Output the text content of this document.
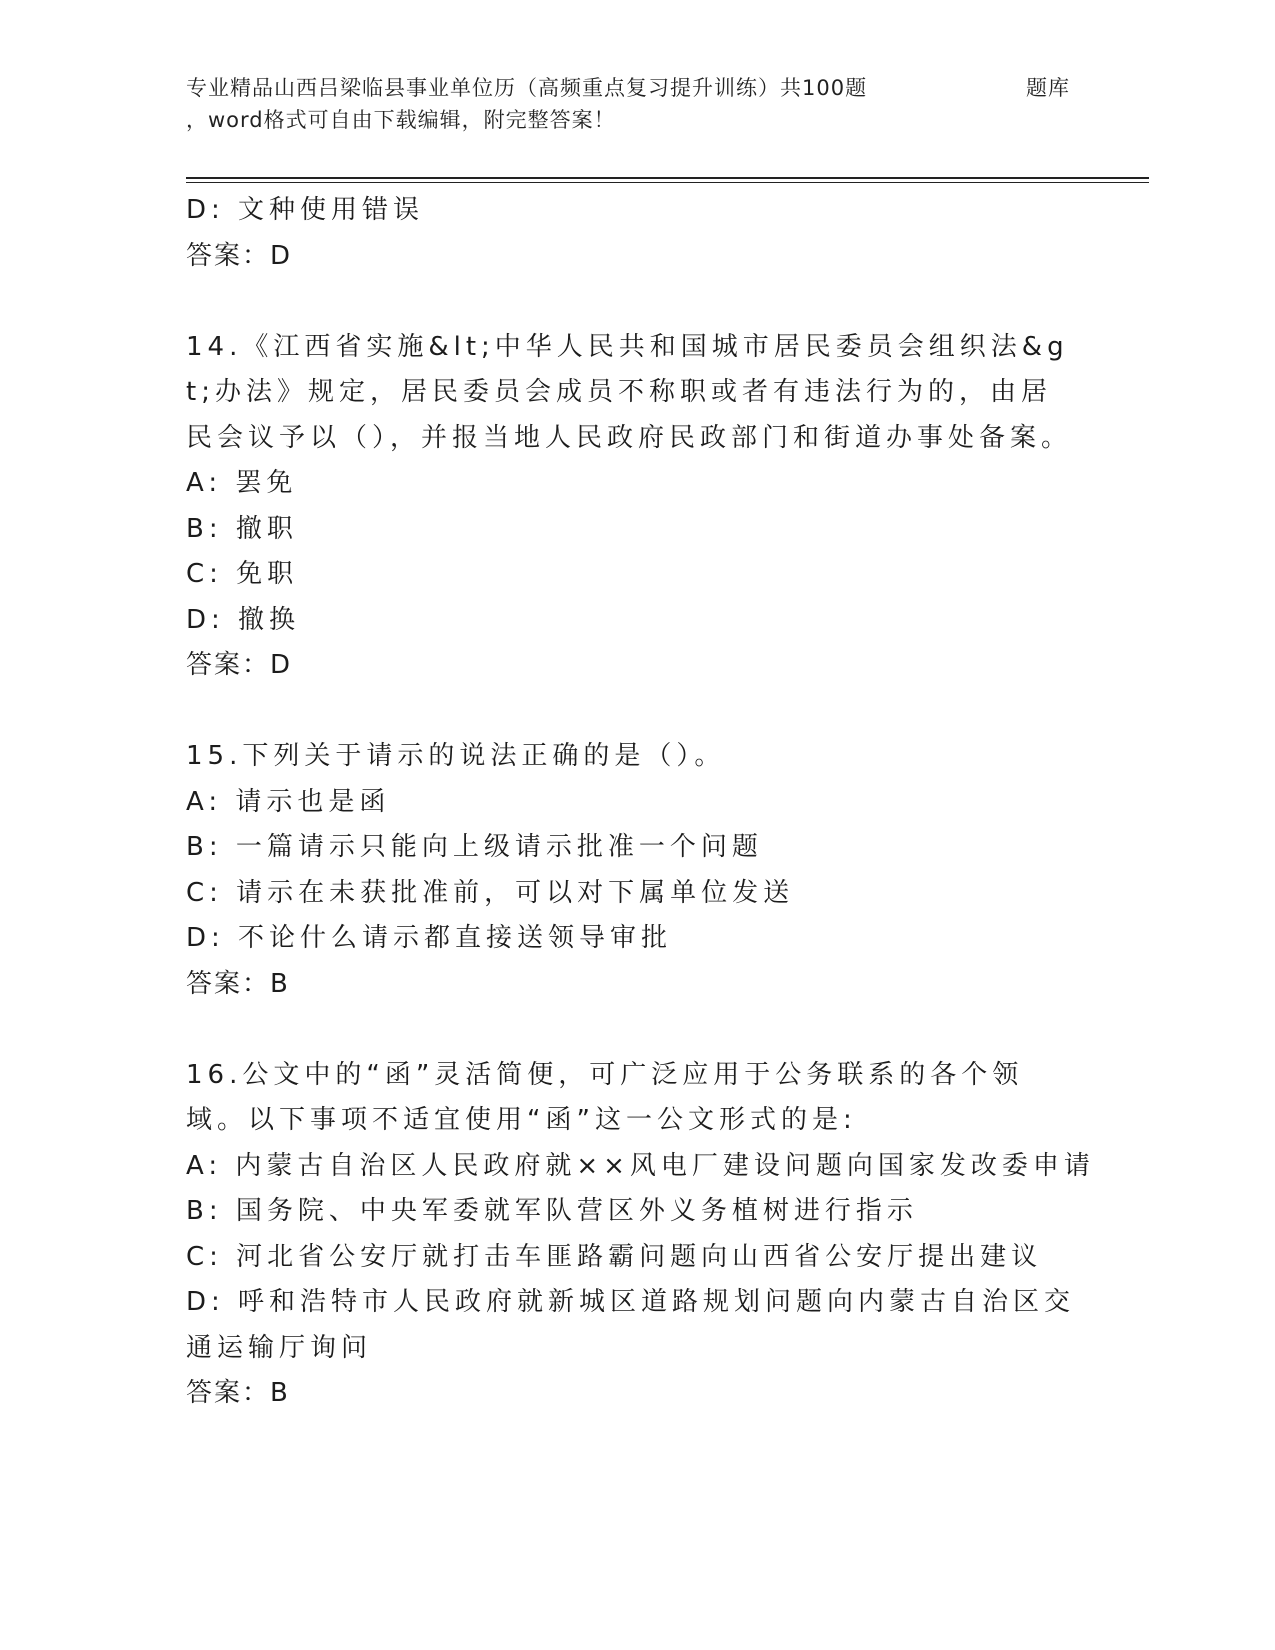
专业精品山西吕梁临县事业单位历（高频重点复习提升训练）共100题	题库
，word格式可自由下载编辑，附完整答案！
D: 文种使用错误
答案：D
14.《江西省实施&lt;中华人民共和国城市居民委员会组织法&gt;办法》规定，居民委员会成员不称职或者有违法行为的，由居民会议予以（），并报当地人民政府民政部门和街道办事处备案。
A: 罢免
B: 撤职
C: 免职
D: 撤换
答案：D
15.下列关于请示的说法正确的是（）。
A: 请示也是函
B: 一篇请示只能向上级请示批准一个问题
C: 请示在未获批准前，可以对下属单位发送
D: 不论什么请示都直接送领导审批
答案：B
16.公文中的“函”灵活简便，可广泛应用于公务联系的各个领域。以下事项不适宜使用“函”这一公文形式的是:
A: 内蒙古自治区人民政府就××风电厂建设问题向国家发改委申请
B: 国务院、中央军委就军队营区外义务植树进行指示
C: 河北省公安厅就打击车匪路霸问题向山西省公安厅提出建议
D: 呼和浩特市人民政府就新城区道路规划问题向内蒙古自治区交通运输厅询问
答案：B
